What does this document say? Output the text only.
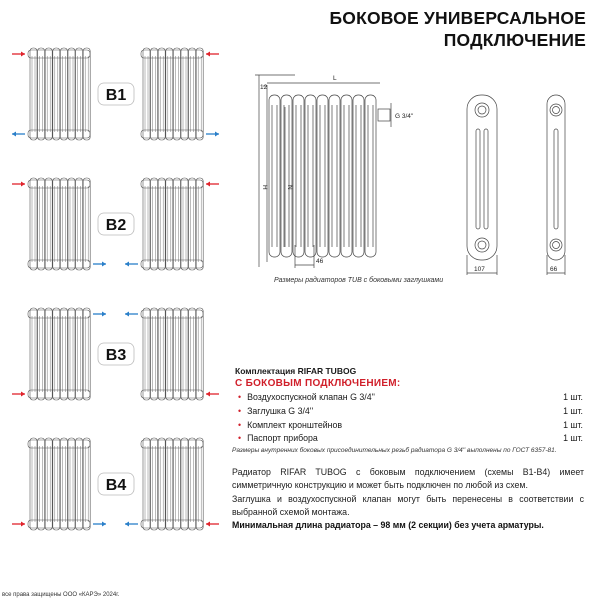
БОКОВОЕ УНИВЕРСАЛЬНОЕ
ПОДКЛЮЧЕНИЕ
B1
B2
B3
B4
12
L
H	N
46
G 3/4''
107	66
Размеры радиаторов TUB с боковыми заглушками
Комплектация RIFAR TUBOG
С БОКОВЫМ ПОДКЛЮЧЕНИЕМ:
• Воздухоспускной клапан G 3/4''	1 шт.
• Заглушка G 3/4''	1 шт.
• Комплект кронштейнов	1 шт.
• Паспорт прибора	1 шт.
Размеры внутренних боковых присоединительных резьб радиатора G 3/4'' выполнены по ГОСТ 6357-81.

Радиатор RIFAR TUBOG с боковым подключением (схемы B1-B4) имеет симметричную конструкцию и может быть подключен по любой из схем.

Заглушка и воздухоспускной клапан могут быть перенесены в соответствии с выбранной схемой монтажа.

Минимальная длина радиатора – 98 мм (2 секции) без учета арматуры.

все права защищены ООО «КАРЭ» 2024г.
